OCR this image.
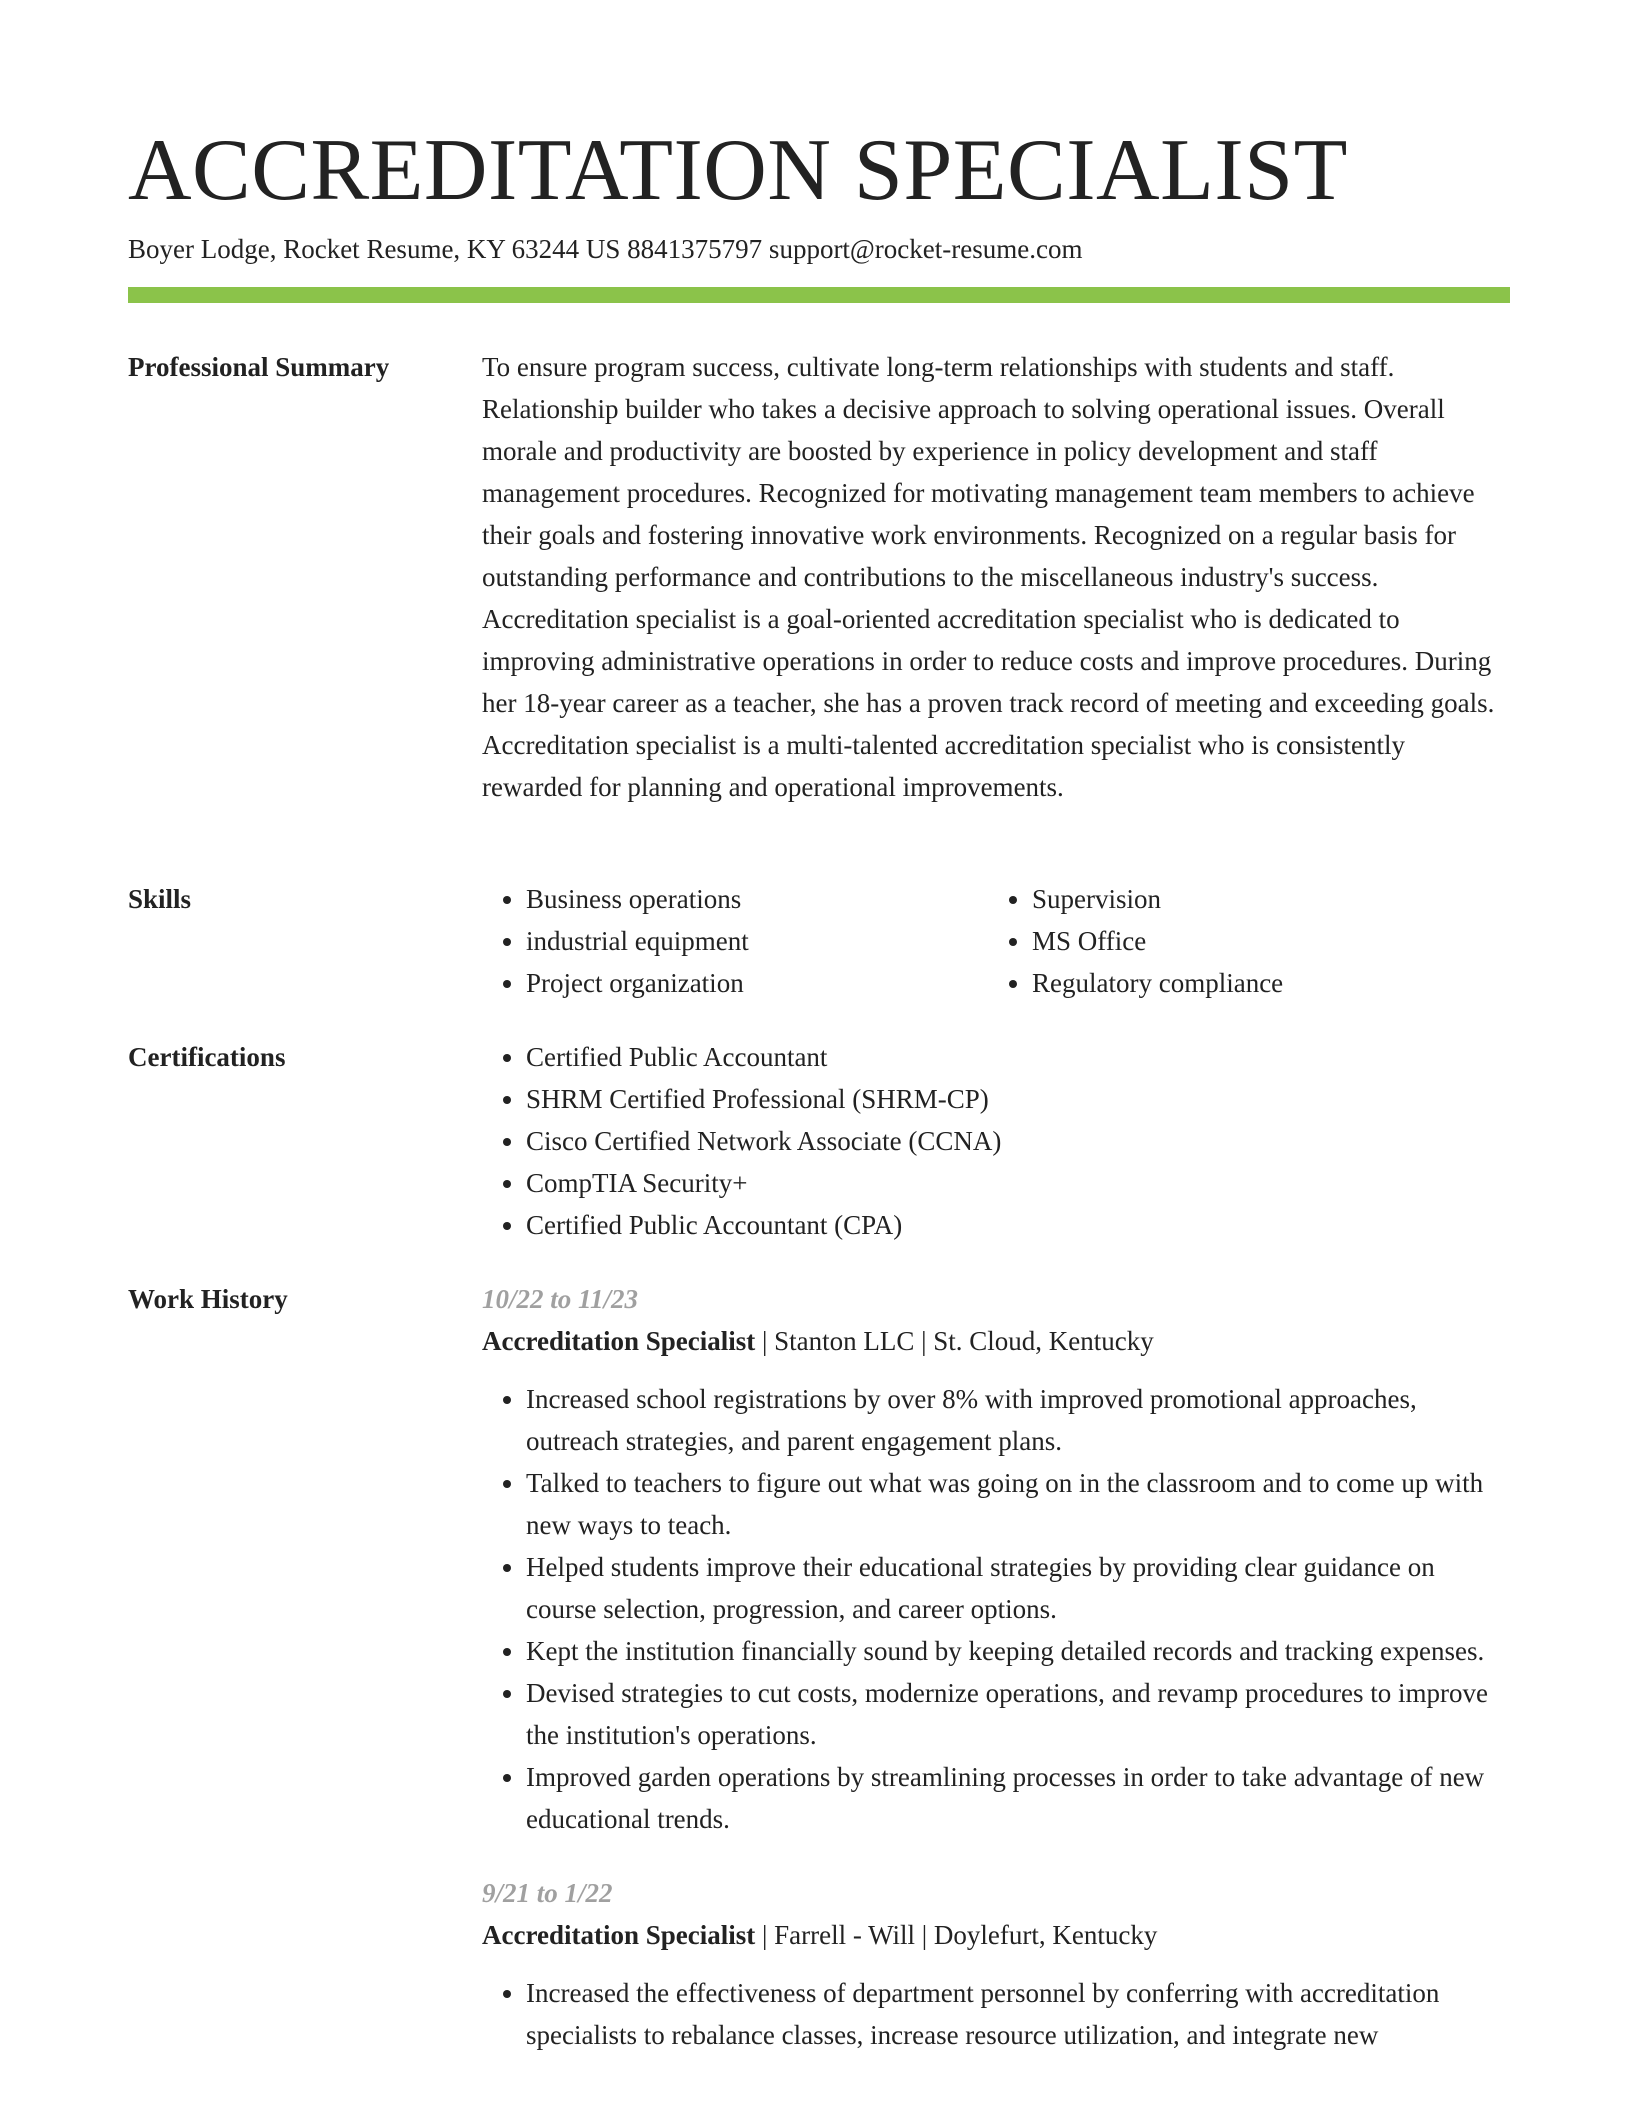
ACCREDITATION SPECIALIST
Boyer Lodge, Rocket Resume, KY 63244 US 8841375797 support@rocket-resume.com
Professional Summary	To ensure program success, cultivate long-term relationships with students and staff. Relationship builder who takes a decisive approach to solving operational issues. Overall morale and productivity are boosted by experience in policy development and staff management procedures. Recognized for motivating management team members to achieve their goals and fostering innovative work environments. Recognized on a regular basis for outstanding performance and contributions to the miscellaneous industry's success. Accreditation specialist is a goal-oriented accreditation specialist who is dedicated to improving administrative operations in order to reduce costs and improve procedures. During her 18-year career as a teacher, she has a proven track record of meeting and exceeding goals. Accreditation specialist is a multi-talented accreditation specialist who is consistently rewarded for planning and operational improvements.

Skills	• Business operations
• industrial equipment
• Project organization
• Supervision
• MS Office
• Regulatory compliance
Certifications	• Certified Public Accountant
• SHRM Certified Professional (SHRM-CP)
• Cisco Certified Network Associate (CCNA)
• CompTIA Security+
• Certified Public Accountant (CPA)
Work History	10/22 to 11/23
Accreditation Specialist | Stanton LLC | St. Cloud, Kentucky
• Increased school registrations by over 8% with improved promotional approaches, outreach strategies, and parent engagement plans.
• Talked to teachers to figure out what was going on in the classroom and to come up with new ways to teach.
• Helped students improve their educational strategies by providing clear guidance on course selection, progression, and career options.
• Kept the institution financially sound by keeping detailed records and tracking expenses.
• Devised strategies to cut costs, modernize operations, and revamp procedures to improve the institution's operations.
• Improved garden operations by streamlining processes in order to take advantage of new educational trends.
9/21 to 1/22
Accreditation Specialist | Farrell - Will | Doylefurt, Kentucky
• Increased the effectiveness of department personnel by conferring with accreditation specialists to rebalance classes, increase resource utilization, and integrate new
